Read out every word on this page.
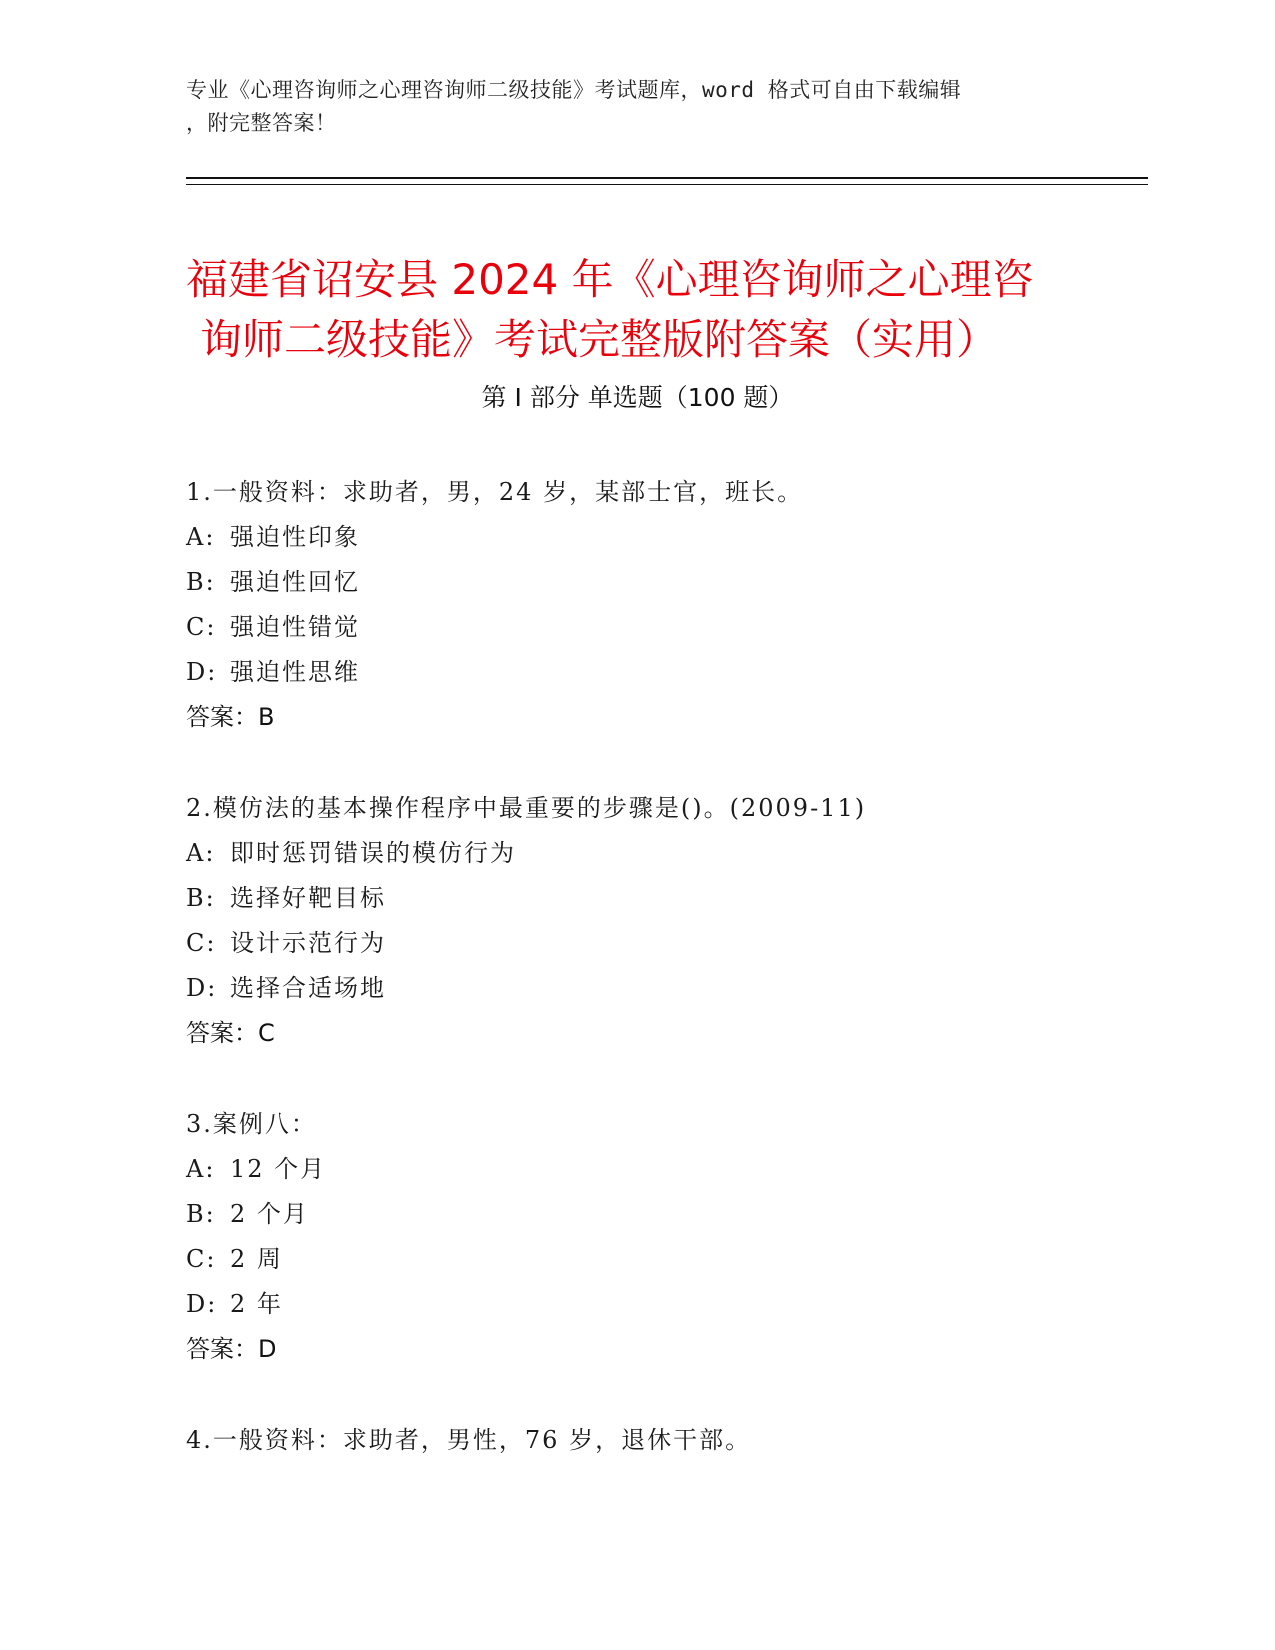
专业《心理咨询师之心理咨询师二级技能》考试题库，word 格式可自由下载编辑
，附完整答案！
福建省诏安县 2024 年《心理咨询师之心理咨
询师二级技能》考试完整版附答案（实用）
第 I 部分 单选题（100 题）
1.一般资料：求助者，男，24 岁，某部士官，班长。
A: 强迫性印象
B: 强迫性回忆
C: 强迫性错觉
D: 强迫性思维
答案：B
2.模仿法的基本操作程序中最重要的步骤是()。(2009-11)
A: 即时惩罚错误的模仿行为
B: 选择好靶目标
C: 设计示范行为
D: 选择合适场地
答案：C
3.案例八：
A: 12 个月
B: 2 个月
C: 2 周
D: 2 年
答案：D
4.一般资料：求助者，男性，76 岁，退休干部。
